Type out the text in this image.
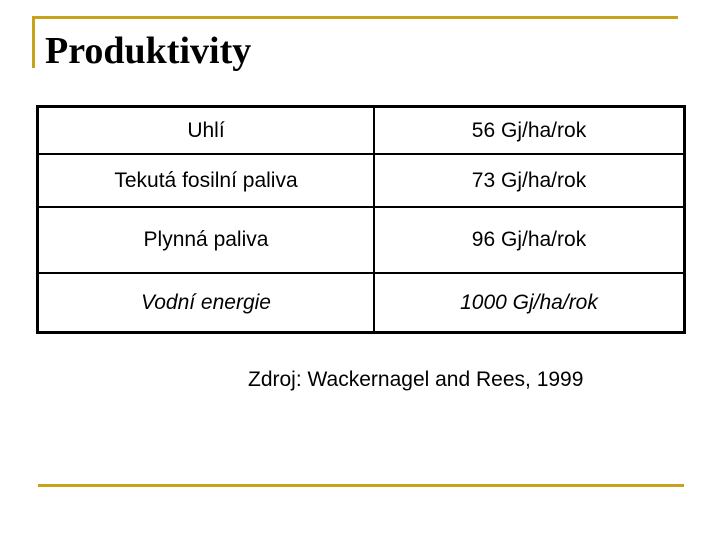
Produktivity
Uhlí	56 Gj/ha/rok
Tekutá fosilní paliva	73 Gj/ha/rok
Plynná paliva	96 Gj/ha/rok
Vodní energie	1000 Gj/ha/rok
Zdroj: Wackernagel and Rees, 1999
